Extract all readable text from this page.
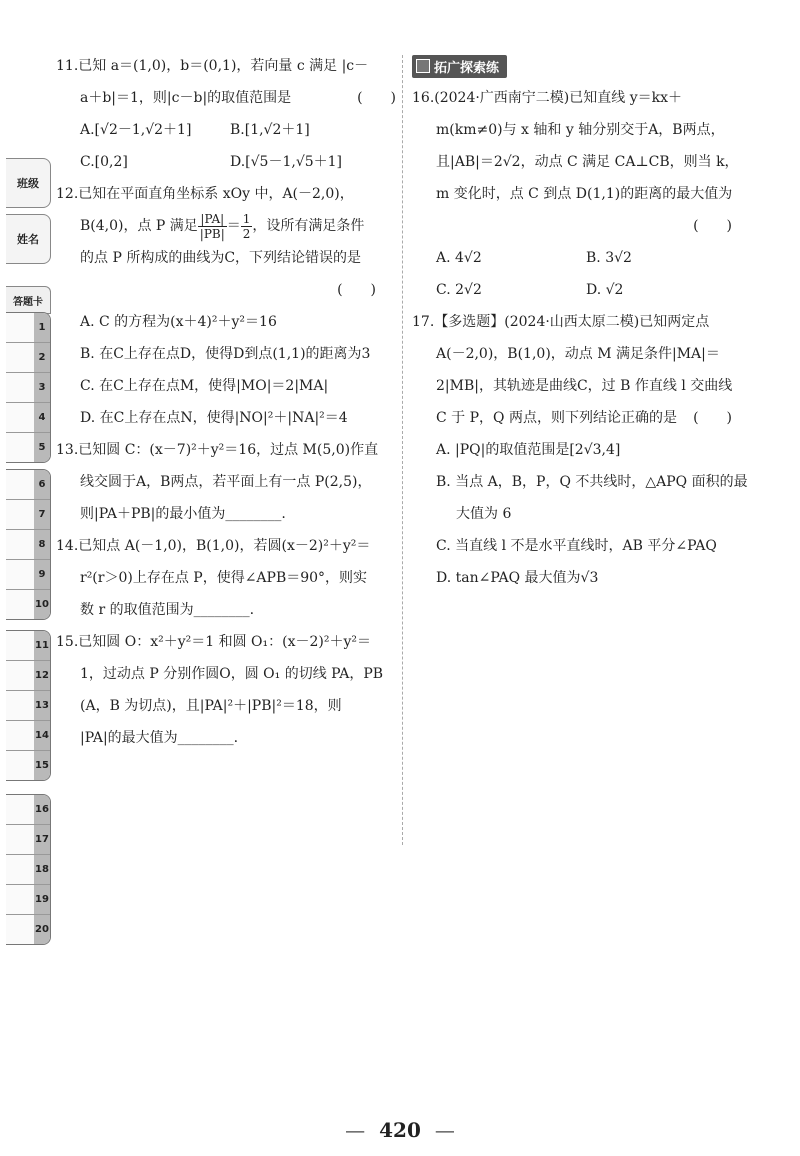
班级
姓名
答题卡
1
2
3
4
5
6
7
8
9
10
11
12
13
14
15
16
17
18
19
20
11.已知 a＝(1,0)，b＝(0,1)，若向量 c 满足 |c－
a＋b|＝1，则|c－b|的取值范围是	(　　)
A.[√2－1,√2＋1]	B.[1,√2＋1]
C.[0,2]	D.[√5－1,√5＋1]
12.已知在平面直角坐标系 xOy 中，A(－2,0)，
B(4,0)，点 P 满足 $\frac{|PA|}{|PB|} = \frac{1}{2}$ ，设所有满足条件
的点 P 所构成的曲线为C，下列结论错误的是
(　　)
A. C 的方程为(x＋4)²＋y²＝16
B. 在C上存在点D，使得D到点(1,1)的距离为3
C. 在C上存在点M，使得|MO|＝2|MA|
D. 在C上存在点N，使得|NO|²＋|NA|²＝4
13.已知圆 C：(x－7)²＋y²＝16，过点 M(5,0)作直
线交圆于A，B两点，若平面上有一点 P(2,5)，
则|PA＋PB|的最小值为________.
14.已知点 A(－1,0)，B(1,0)，若圆(x－2)²＋y²＝
r²(r＞0)上存在点 P，使得∠APB＝90°，则实
数 r 的取值范围为________.
15.已知圆 O：x²＋y²＝1 和圆 O₁：(x－2)²＋y²＝
1，过动点 P 分别作圆O，圆 O₁ 的切线 PA，PB
(A，B 为切点)，且|PA|²＋|PB|²＝18，则
|PA|的最大值为________.
拓广探索练
16.(2024·广西南宁二模)已知直线 y＝kx＋
m(km≠0)与 x 轴和 y 轴分别交于A，B两点，
且|AB|＝2√2，动点 C 满足 CA⊥CB，则当 k，
m 变化时，点 C 到点 D(1,1)的距离的最大值为
(　　)
A. 4√2	B. 3√2
C. 2√2	D. √2
17.【多选题】(2024·山西太原二模)已知两定点
A(－2,0)，B(1,0)，动点 M 满足条件|MA|＝
2|MB|，其轨迹是曲线C，过 B 作直线 l 交曲线
C 于 P，Q 两点，则下列结论正确的是 (　　)
A. |PQ|的取值范围是[2√3,4]
B. 当点 A，B，P，Q 不共线时，△APQ 面积的最
大值为 6
C. 当直线 l 不是水平直线时，AB 平分∠PAQ
D. tan∠PAQ 最大值为√3
— 420 —
